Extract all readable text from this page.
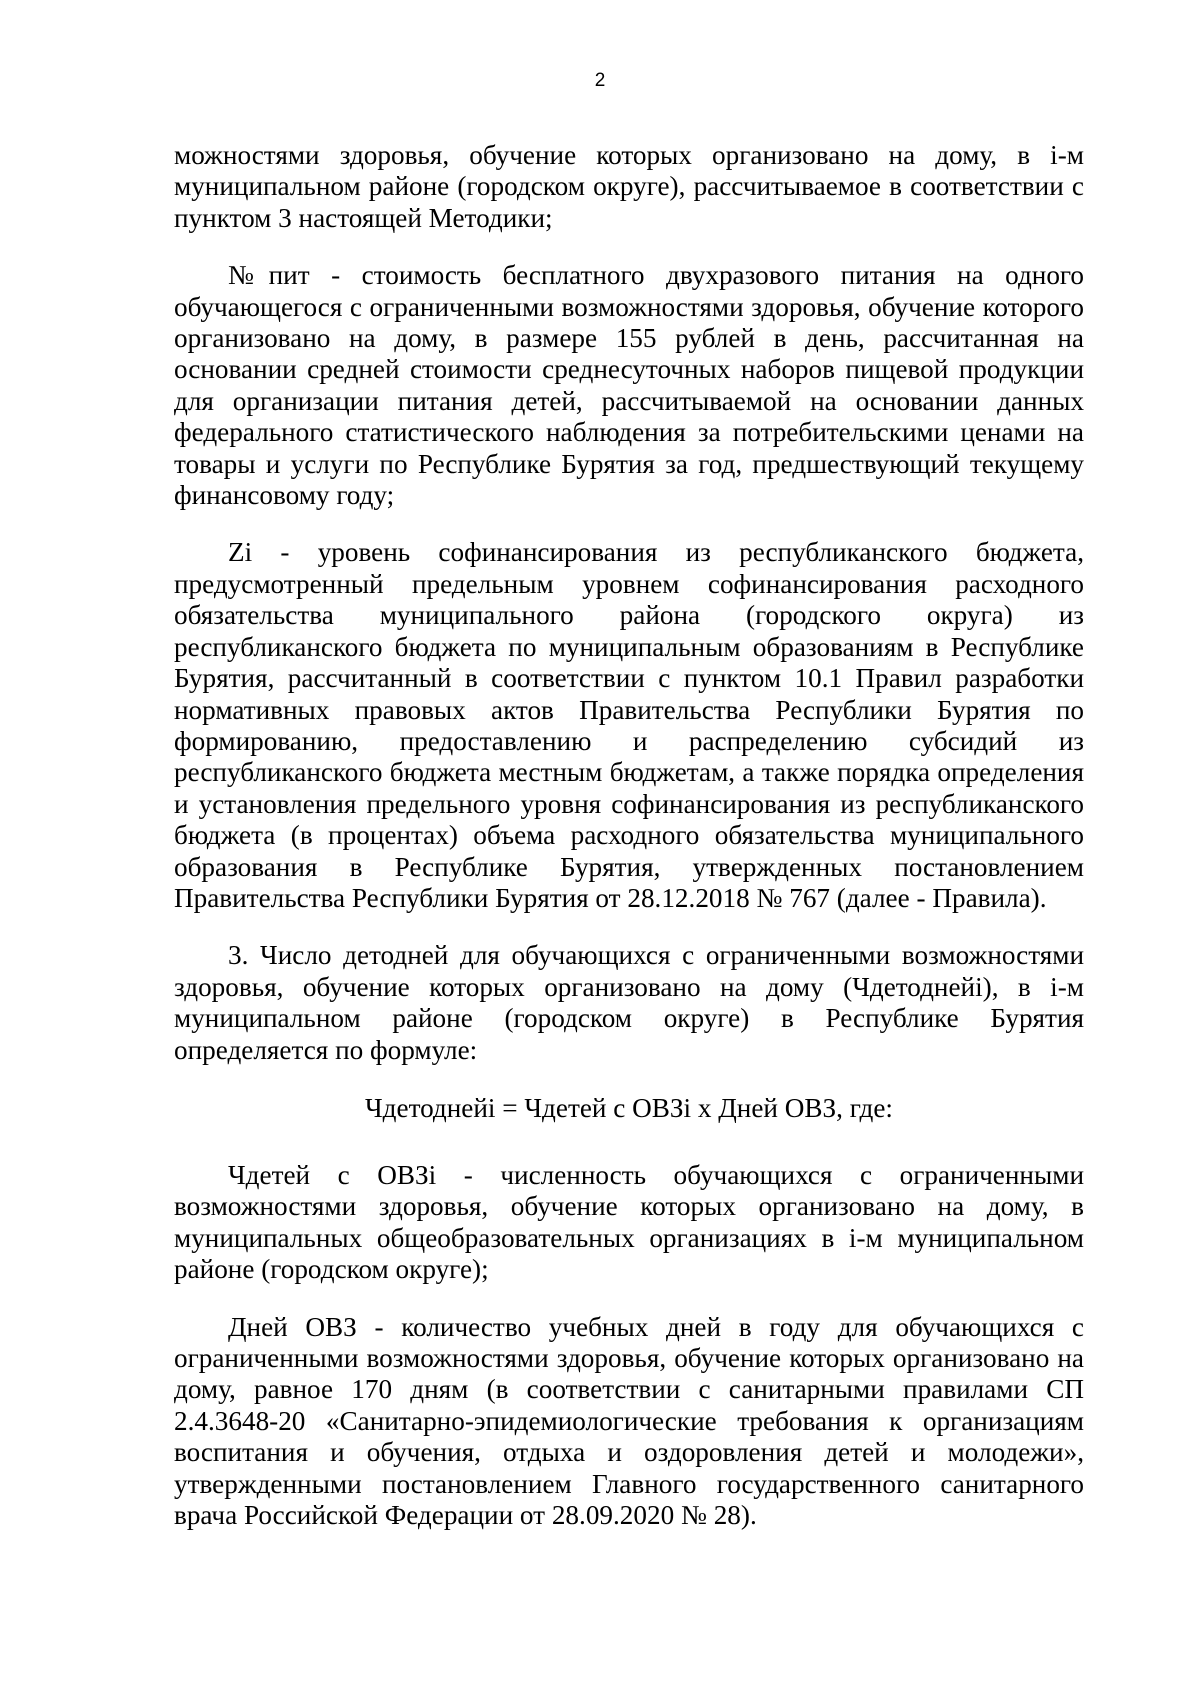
2

можностями здоровья, обучение которых организовано на дому, в i-м муниципальном районе (городском округе), рассчитываемое в соответствии с пунктом 3 настоящей Методики;

№пит - стоимость бесплатного двухразового питания на одного обучающегося с ограниченными возможностями здоровья, обучение которого организовано на дому, в размере 155 рублей в день, рассчитанная на основании средней стоимости среднесуточных наборов пищевой продукции для организации питания детей, рассчитываемой на основании данных федерального статистического наблюдения за потребительскими ценами на товары и услуги по Республике Бурятия за год, предшествующий текущему финансовому году;

Zi - уровень софинансирования из республиканского бюджета, предусмотренный предельным уровнем софинансирования расходного обязательства муниципального района (городского округа) из республиканского бюджета по муниципальным образованиям в Республике Бурятия, рассчитанный в соответствии с пунктом 10.1 Правил разработки нормативных правовых актов Правительства Республики Бурятия по формированию, предоставлению и распределению субсидий из республиканского бюджета местным бюджетам, а также порядка определения и установления предельного уровня софинансирования из республиканского бюджета (в процентах) объема расходного обязательства муниципального образования в Республике Бурятия, утвержденных постановлением Правительства Республики Бурятия от 28.12.2018 № 767 (далее - Правила).

3. Число детодней для обучающихся с ограниченными возможностями здоровья, обучение которых организовано на дому (Чдетоднейi), в i-м муниципальном районе (городском округе) в Республике Бурятия определяется по формуле:

Чдетоднейi = Чдетей с ОВЗi х Дней ОВЗ, где:

Чдетей с ОВЗi - численность обучающихся с ограниченными возможностями здоровья, обучение которых организовано на дому, в муниципальных общеобразовательных организациях в i-м муниципальном районе (городском округе);

Дней ОВЗ - количество учебных дней в году для обучающихся с ограниченными возможностями здоровья, обучение которых организовано на дому, равное 170 дням (в соответствии с санитарными правилами СП 2.4.3648-20 «Санитарно-эпидемиологические требования к организациям воспитания и обучения, отдыха и оздоровления детей и молодежи», утвержденными постановлением Главного государственного санитарного врача Российской Федерации от 28.09.2020 № 28).
